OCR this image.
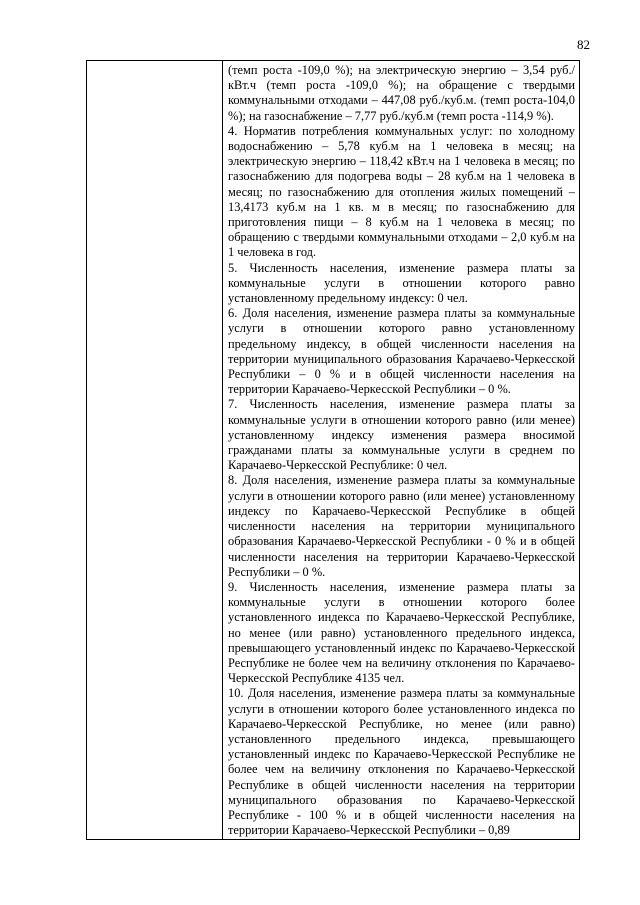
82

(темп роста -109,0 %); на электрическую энергию – 3,54 руб./кВт.ч (темп роста -109,0 %); на обращение с твердыми коммунальными отходами – 447,08 руб./куб.м. (темп роста-104,0 %); на газоснабжение – 7,77 руб./куб.м (темп роста -114,9 %).

4. Норматив потребления коммунальных услуг: по холодному водоснабжению – 5,78 куб.м на 1 человека в месяц; на электрическую энергию – 118,42 кВт.ч на 1 человека в месяц; по газоснабжению для подогрева воды – 28 куб.м на 1 человека в месяц; по газоснабжению для отопления жилых помещений – 13,4173 куб.м на 1 кв. м в месяц; по газоснабжению для приготовления пищи – 8 куб.м на 1 человека в месяц; по обращению с твердыми коммунальными отходами – 2,0 куб.м на 1 человека в год.

5. Численность населения, изменение размера платы за коммунальные услуги в отношении которого равно установленному предельному индексу: 0 чел.

6. Доля населения, изменение размера платы за коммунальные услуги в отношении которого равно установленному предельному индексу, в общей численности населения на территории муниципального образования Карачаево-Черкесской Республики – 0 % и в общей численности населения на территории Карачаево-Черкесской Республики – 0 %.

7. Численность населения, изменение размера платы за коммунальные услуги в отношении которого равно (или менее) установленному индексу изменения размера вносимой гражданами платы за коммунальные услуги в среднем по Карачаево-Черкесской Республике: 0 чел.

8. Доля населения, изменение размера платы за коммунальные услуги в отношении которого равно (или менее) установленному индексу по Карачаево-Черкесской Республике в общей численности населения на территории муниципального образования Карачаево-Черкесской Республики - 0 % и в общей численности населения на территории Карачаево-Черкесской Республики – 0 %.

9. Численность населения, изменение размера платы за коммунальные услуги в отношении которого более установленного индекса по Карачаево-Черкесской Республике, но менее (или равно) установленного предельного индекса, превышающего установленный индекс по Карачаево-Черкесской Республике не более чем на величину отклонения по Карачаево-Черкесской Республике 4135 чел.

10. Доля населения, изменение размера платы за коммунальные услуги в отношении которого более установленного индекса по Карачаево-Черкесской Республике, но менее (или равно) установленного предельного индекса, превышающего установленный индекс по Карачаево-Черкесской Республике не более чем на величину отклонения по Карачаево-Черкесской Республике в общей численности населения на территории муниципального образования по Карачаево-Черкесской Республике - 100 % и в общей численности населения на территории Карачаево-Черкесской Республики – 0,89
